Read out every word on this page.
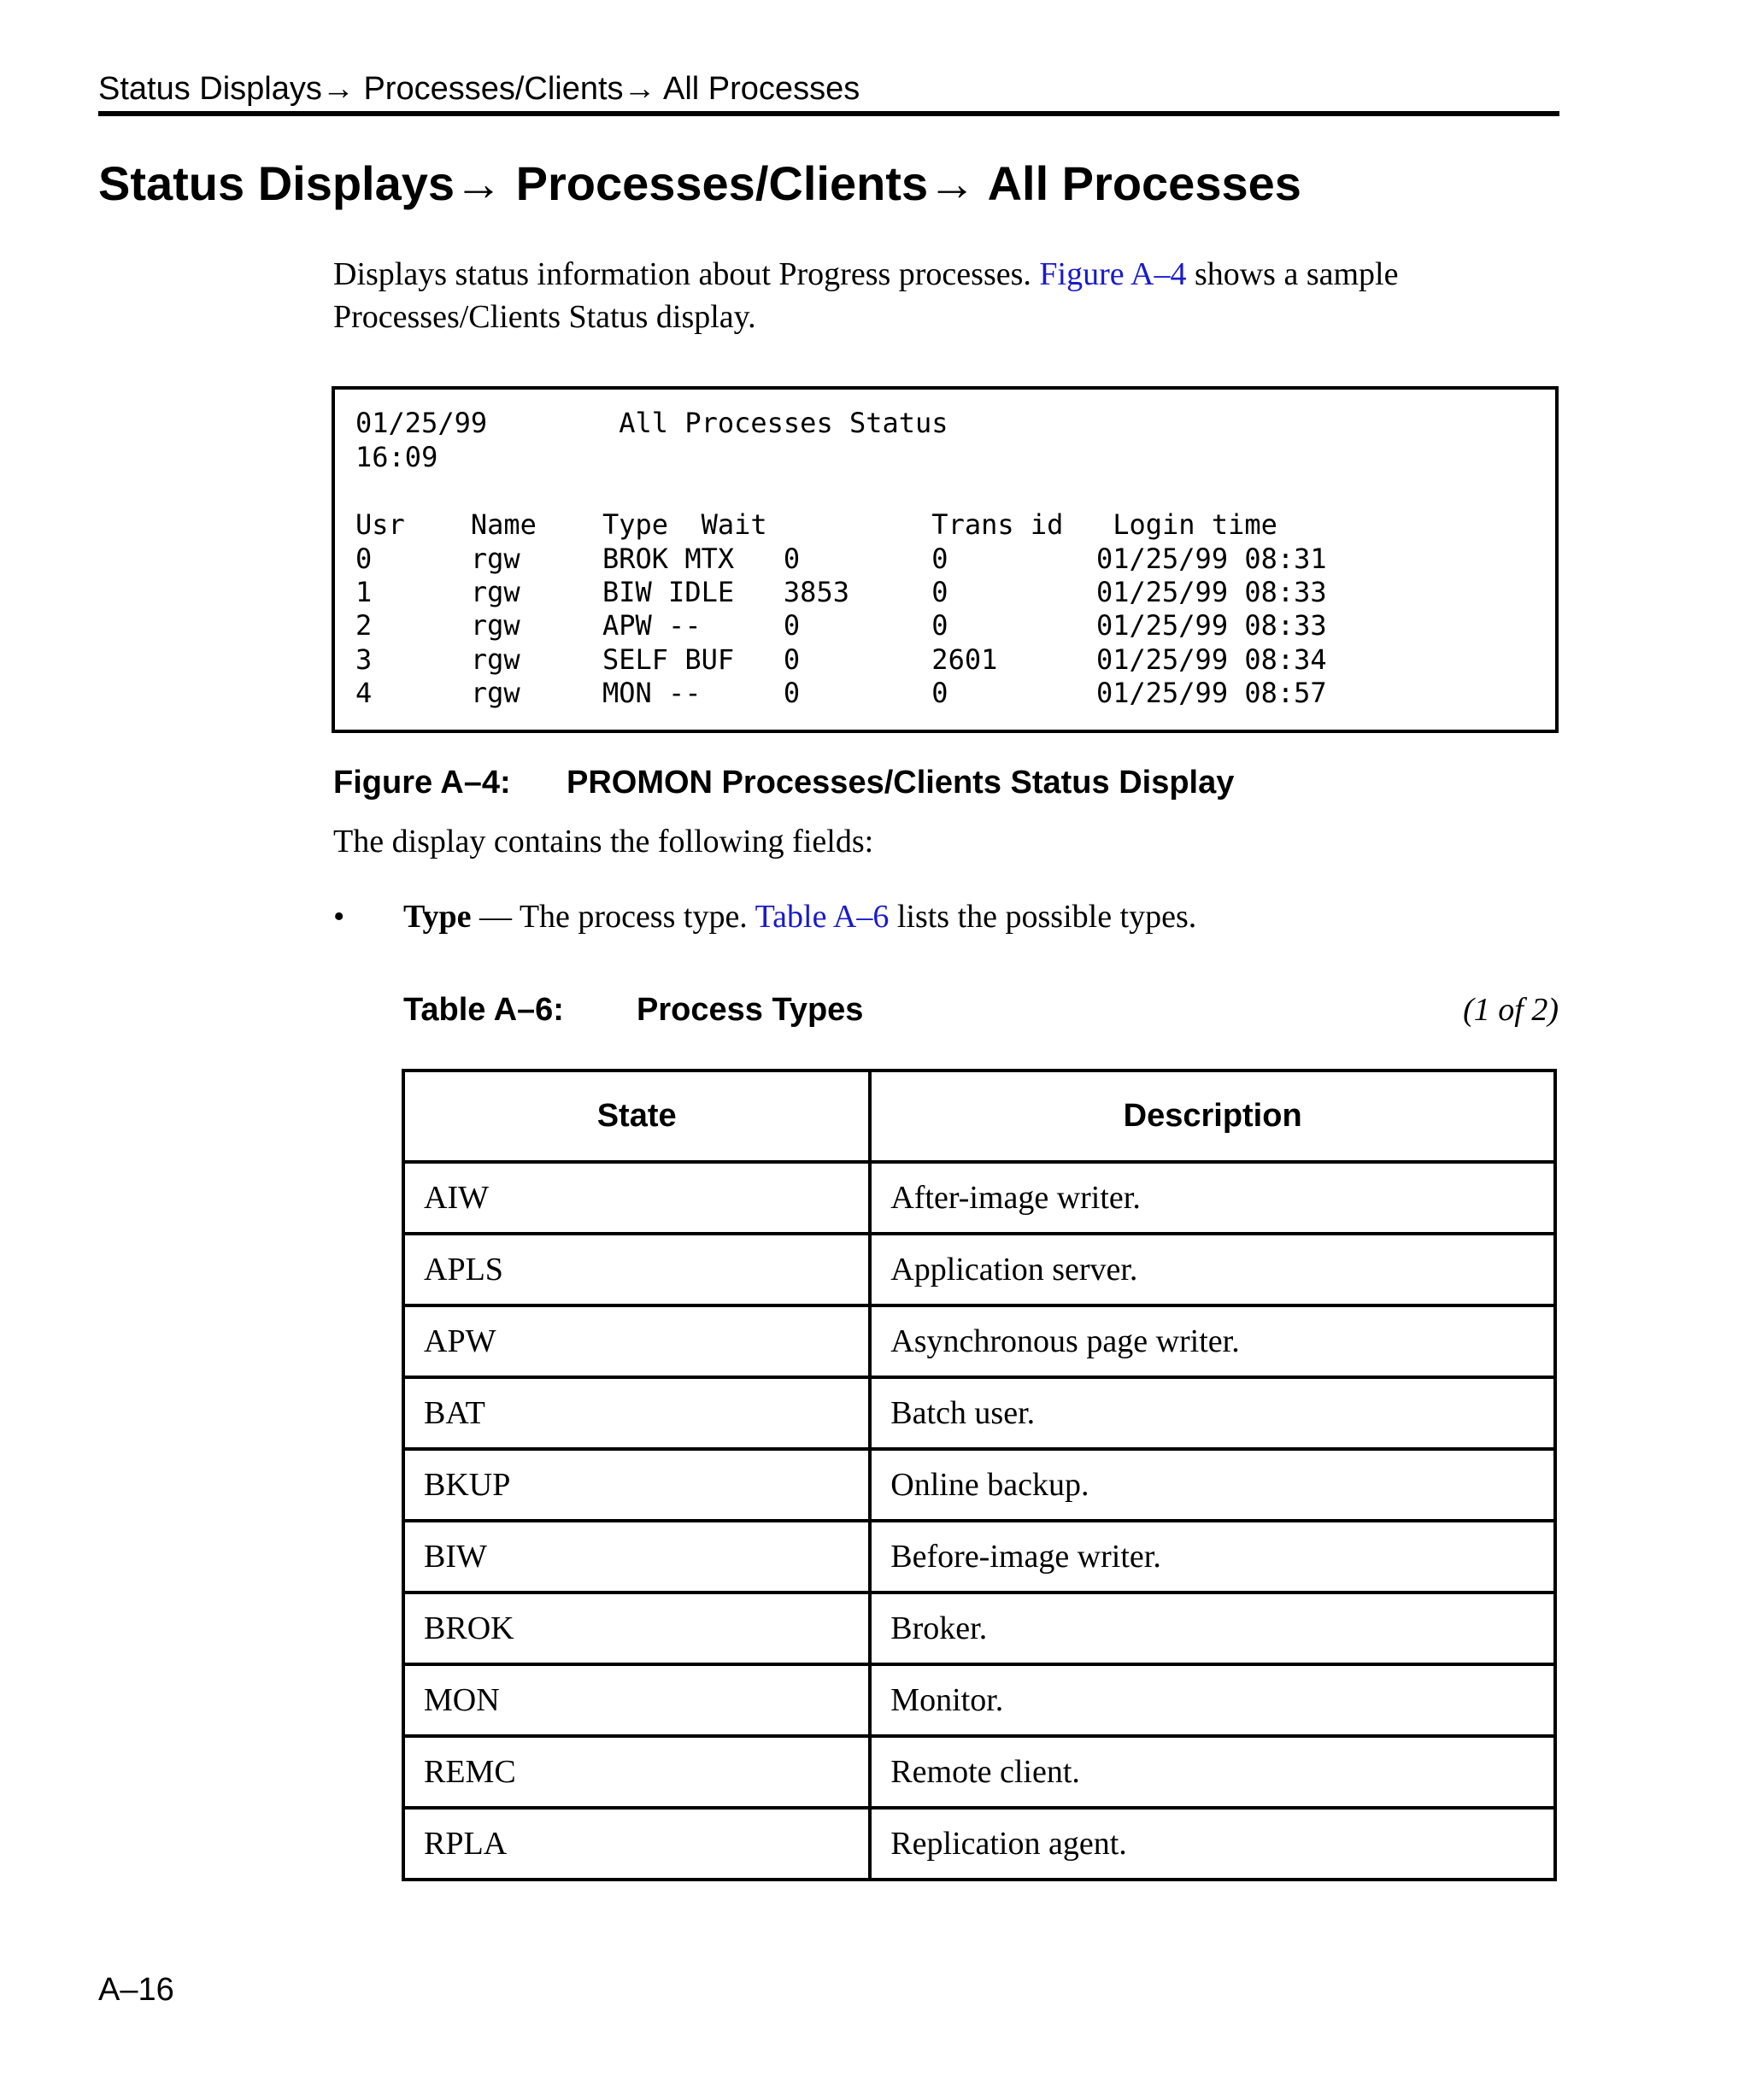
Status Displays→ Processes/Clients→ All Processes
Status Displays→ Processes/Clients→ All Processes

Displays status information about Progress processes. Figure A–4 shows a sample Processes/Clients Status display.

01/25/99        All Processes Status
16:09
Usr    Name    Type  Wait          Trans id   Login time
0      rgw     BROK MTX   0        0         01/25/99 08:31
1      rgw     BIW IDLE   3853     0         01/25/99 08:33
2      rgw     APW --     0        0         01/25/99 08:33
3      rgw     SELF BUF   0        2601      01/25/99 08:34
4      rgw     MON --     0        0         01/25/99 08:57
Figure A–4: PROMON Processes/Clients Status Display

The display contains the following fields:

• Type — The process type. Table A–6 lists the possible types.
Table A–6: Process Types	(1 of 2)
State	Description
AIW	After-image writer.
APLS	Application server.
APW	Asynchronous page writer.
BAT	Batch user.
BKUP	Online backup.
BIW	Before-image writer.
BROK	Broker.
MON	Monitor.
REMC	Remote client.
RPLA	Replication agent.
A–16
